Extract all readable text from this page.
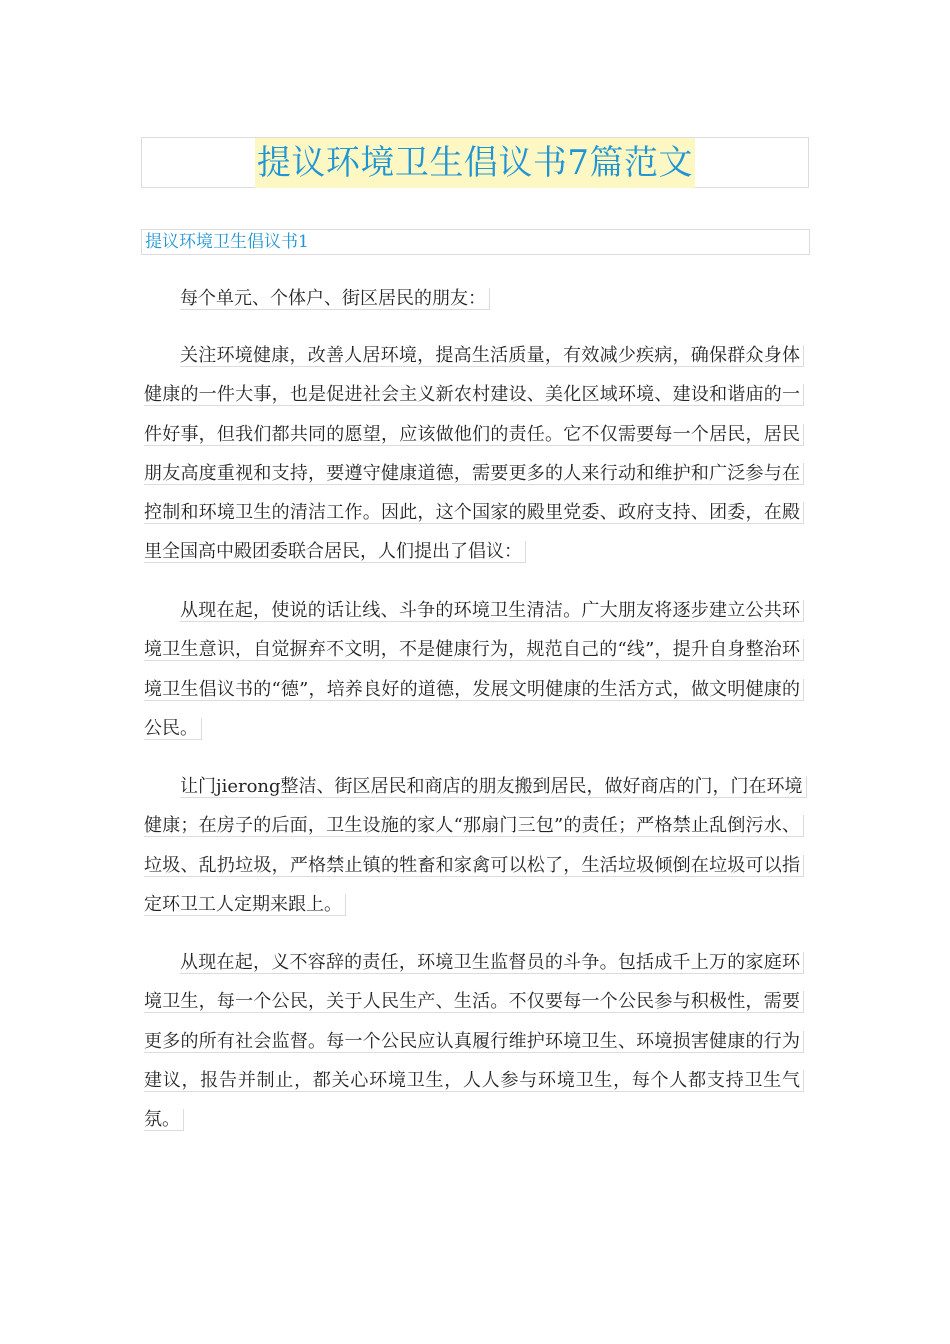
提议环境卫生倡议书7篇范文
提议环境卫生倡议书1

每个单元、个体户、街区居民的朋友：

关注环境健康，改善人居环境，提高生活质量，有效减少疾病，确保群众身体健康的一件大事，也是促进社会主义新农村建设、美化区域环境、建设和谐庙的一件好事，但我们都共同的愿望，应该做他们的责任。它不仅需要每一个居民，居民朋友高度重视和支持，要遵守健康道德，需要更多的人来行动和维护和广泛参与在控制和环境卫生的清洁工作。因此，这个国家的殿里党委、政府支持、团委，在殿里全国高中殿团委联合居民，人们提出了倡议：

从现在起，使说的话让线、斗争的环境卫生清洁。广大朋友将逐步建立公共环境卫生意识，自觉摒弃不文明，不是健康行为，规范自己的“线”，提升自身整治环境卫生倡议书的“德”，培养良好的道德，发展文明健康的生活方式，做文明健康的公民。

让门jierong整洁、街区居民和商店的朋友搬到居民，做好商店的门，门在环境健康；在房子的后面，卫生设施的家人“那扇门三包”的责任；严格禁止乱倒污水、垃圾、乱扔垃圾，严格禁止镇的牲畜和家禽可以松了，生活垃圾倾倒在垃圾可以指定环卫工人定期来跟上。

从现在起，义不容辞的责任，环境卫生监督员的斗争。包括成千上万的家庭环境卫生，每一个公民，关于人民生产、生活。不仅要每一个公民参与积极性，需要更多的所有社会监督。每一个公民应认真履行维护环境卫生、环境损害健康的行为建议，报告并制止，都关心环境卫生，人人参与环境卫生，每个人都支持卫生气氛。
